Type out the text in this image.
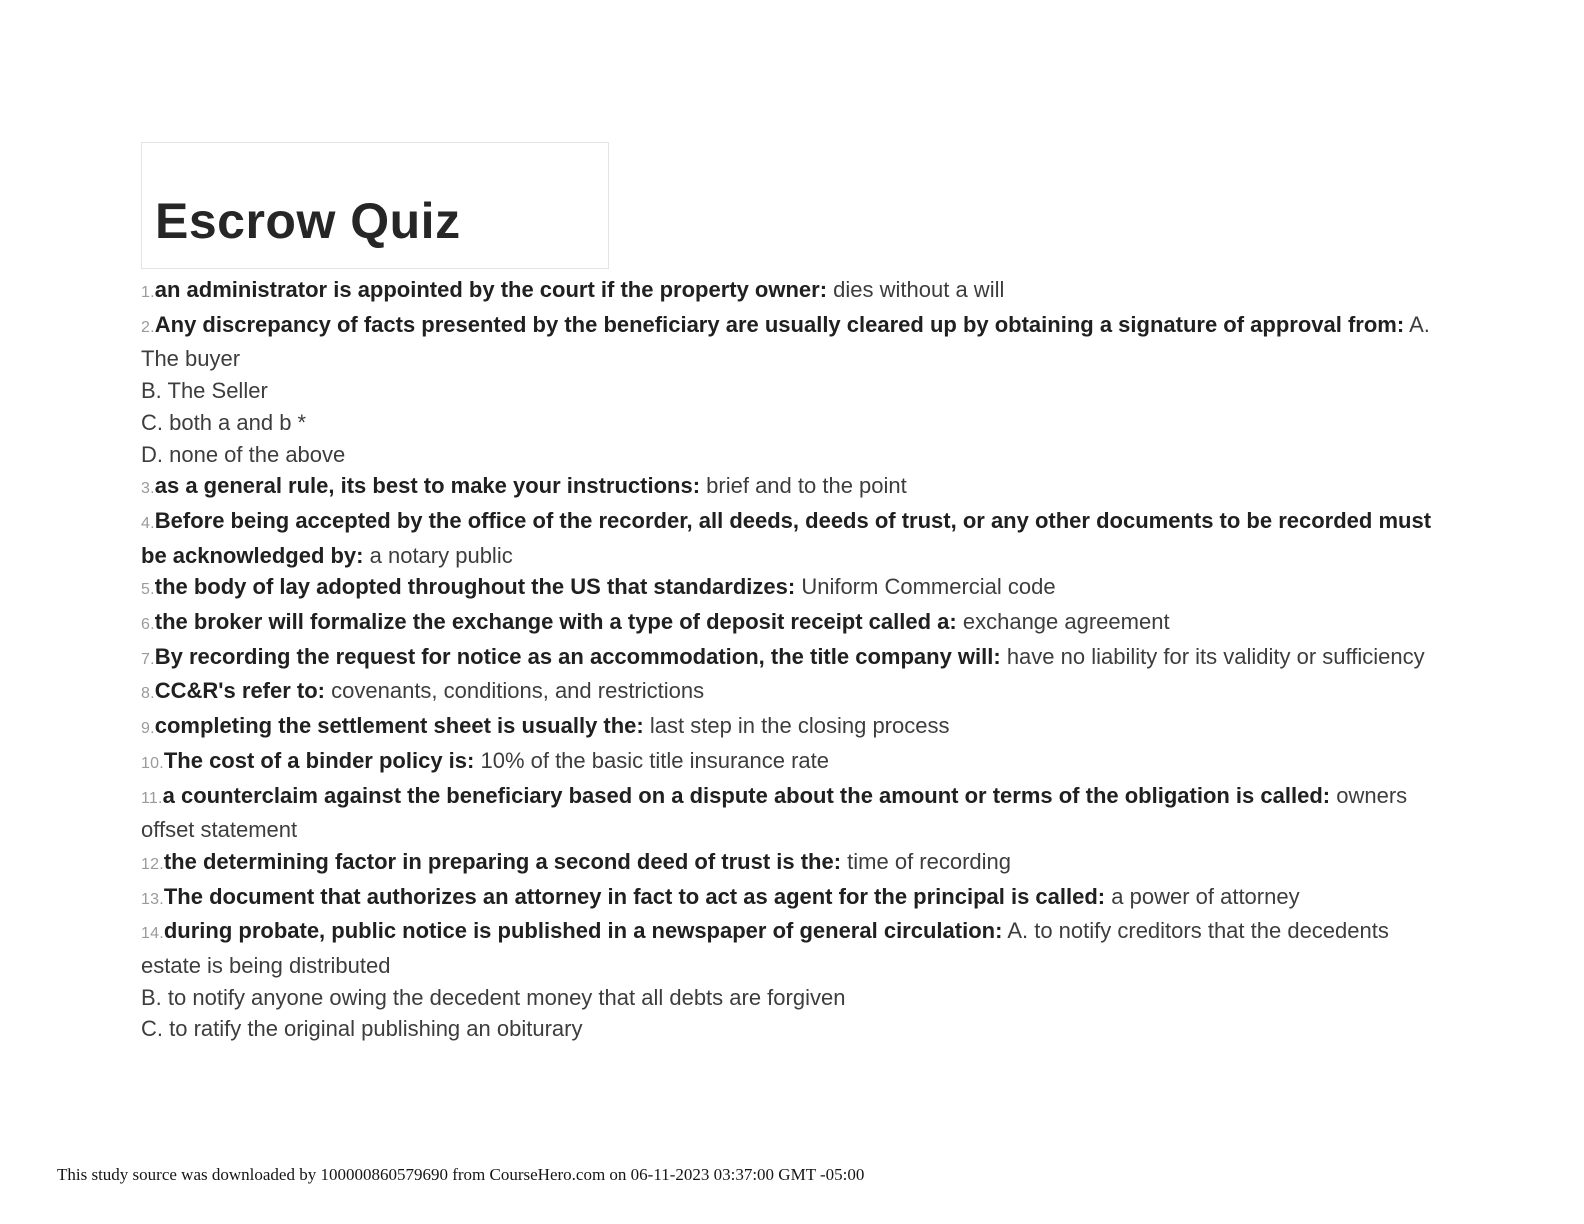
Escrow Quiz
1.an administrator is appointed by the court if the property owner: dies without a will
2.Any discrepancy of facts presented by the beneficiary are usually cleared up by obtaining a signature of approval from: A. The buyer
B. The Seller
C. both a and b *
D. none of the above
3.as a general rule, its best to make your instructions: brief and to the point
4.Before being accepted by the office of the recorder, all deeds, deeds of trust, or any other documents to be recorded must be acknowledged by: a notary public
5.the body of lay adopted throughout the US that standardizes: Uniform Commercial code
6.the broker will formalize the exchange with a type of deposit receipt called a: exchange agreement
7.By recording the request for notice as an accommodation, the title company will: have no liability for its validity or sufficiency
8.CC&R's refer to: covenants, conditions, and restrictions
9.completing the settlement sheet is usually the: last step in the closing process
10.The cost of a binder policy is: 10% of the basic title insurance rate
11.a counterclaim against the beneficiary based on a dispute about the amount or terms of the obligation is called: owners offset statement
12.the determining factor in preparing a second deed of trust is the: time of recording
13.The document that authorizes an attorney in fact to act as agent for the principal is called: a power of attorney
14.during probate, public notice is published in a newspaper of general circulation: A. to notify creditors that the decedents estate is being distributed
B. to notify anyone owing the decedent money that all debts are forgiven
C. to ratify the original publishing an obiturary
This study source was downloaded by 100000860579690 from CourseHero.com on 06-11-2023 03:37:00 GMT -05:00
